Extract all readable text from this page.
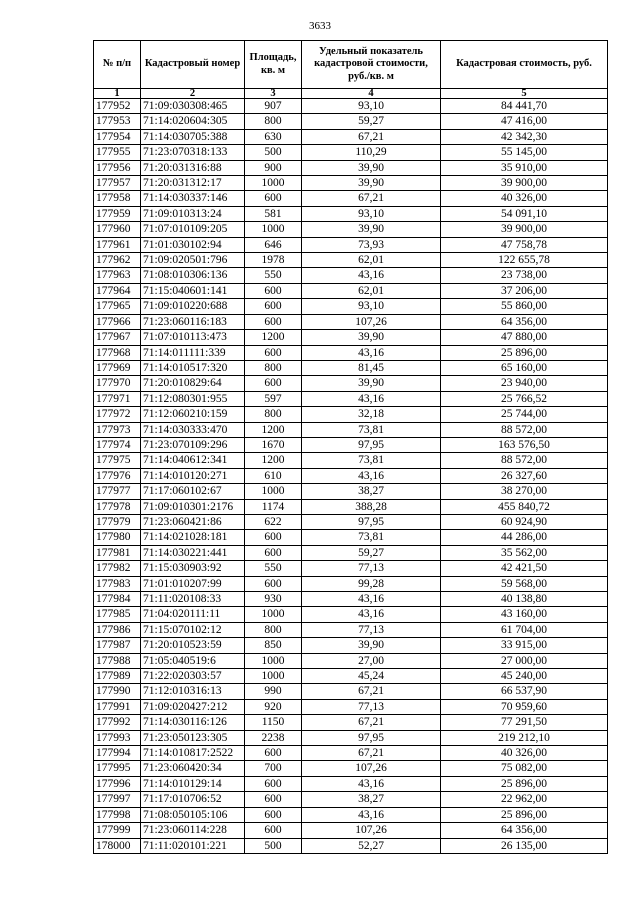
3633
№ п/п	Кадастровый номер	Площадь, кв. м	Удельный показатель кадастровой стоимости, руб./кв. м	Кадастровая стоимость, руб.
1	2	3	4	5
177952	71:09:030308:465	907	93,10	84 441,70
177953	71:14:020604:305	800	59,27	47 416,00
177954	71:14:030705:388	630	67,21	42 342,30
177955	71:23:070318:133	500	110,29	55 145,00
177956	71:20:031316:88	900	39,90	35 910,00
177957	71:20:031312:17	1000	39,90	39 900,00
177958	71:14:030337:146	600	67,21	40 326,00
177959	71:09:010313:24	581	93,10	54 091,10
177960	71:07:010109:205	1000	39,90	39 900,00
177961	71:01:030102:94	646	73,93	47 758,78
177962	71:09:020501:796	1978	62,01	122 655,78
177963	71:08:010306:136	550	43,16	23 738,00
177964	71:15:040601:141	600	62,01	37 206,00
177965	71:09:010220:688	600	93,10	55 860,00
177966	71:23:060116:183	600	107,26	64 356,00
177967	71:07:010113:473	1200	39,90	47 880,00
177968	71:14:011111:339	600	43,16	25 896,00
177969	71:14:010517:320	800	81,45	65 160,00
177970	71:20:010829:64	600	39,90	23 940,00
177971	71:12:080301:955	597	43,16	25 766,52
177972	71:12:060210:159	800	32,18	25 744,00
177973	71:14:030333:470	1200	73,81	88 572,00
177974	71:23:070109:296	1670	97,95	163 576,50
177975	71:14:040612:341	1200	73,81	88 572,00
177976	71:14:010120:271	610	43,16	26 327,60
177977	71:17:060102:67	1000	38,27	38 270,00
177978	71:09:010301:2176	1174	388,28	455 840,72
177979	71:23:060421:86	622	97,95	60 924,90
177980	71:14:021028:181	600	73,81	44 286,00
177981	71:14:030221:441	600	59,27	35 562,00
177982	71:15:030903:92	550	77,13	42 421,50
177983	71:01:010207:99	600	99,28	59 568,00
177984	71:11:020108:33	930	43,16	40 138,80
177985	71:04:020111:11	1000	43,16	43 160,00
177986	71:15:070102:12	800	77,13	61 704,00
177987	71:20:010523:59	850	39,90	33 915,00
177988	71:05:040519:6	1000	27,00	27 000,00
177989	71:22:020303:57	1000	45,24	45 240,00
177990	71:12:010316:13	990	67,21	66 537,90
177991	71:09:020427:212	920	77,13	70 959,60
177992	71:14:030116:126	1150	67,21	77 291,50
177993	71:23:050123:305	2238	97,95	219 212,10
177994	71:14:010817:2522	600	67,21	40 326,00
177995	71:23:060420:34	700	107,26	75 082,00
177996	71:14:010129:14	600	43,16	25 896,00
177997	71:17:010706:52	600	38,27	22 962,00
177998	71:08:050105:106	600	43,16	25 896,00
177999	71:23:060114:228	600	107,26	64 356,00
178000	71:11:020101:221	500	52,27	26 135,00
